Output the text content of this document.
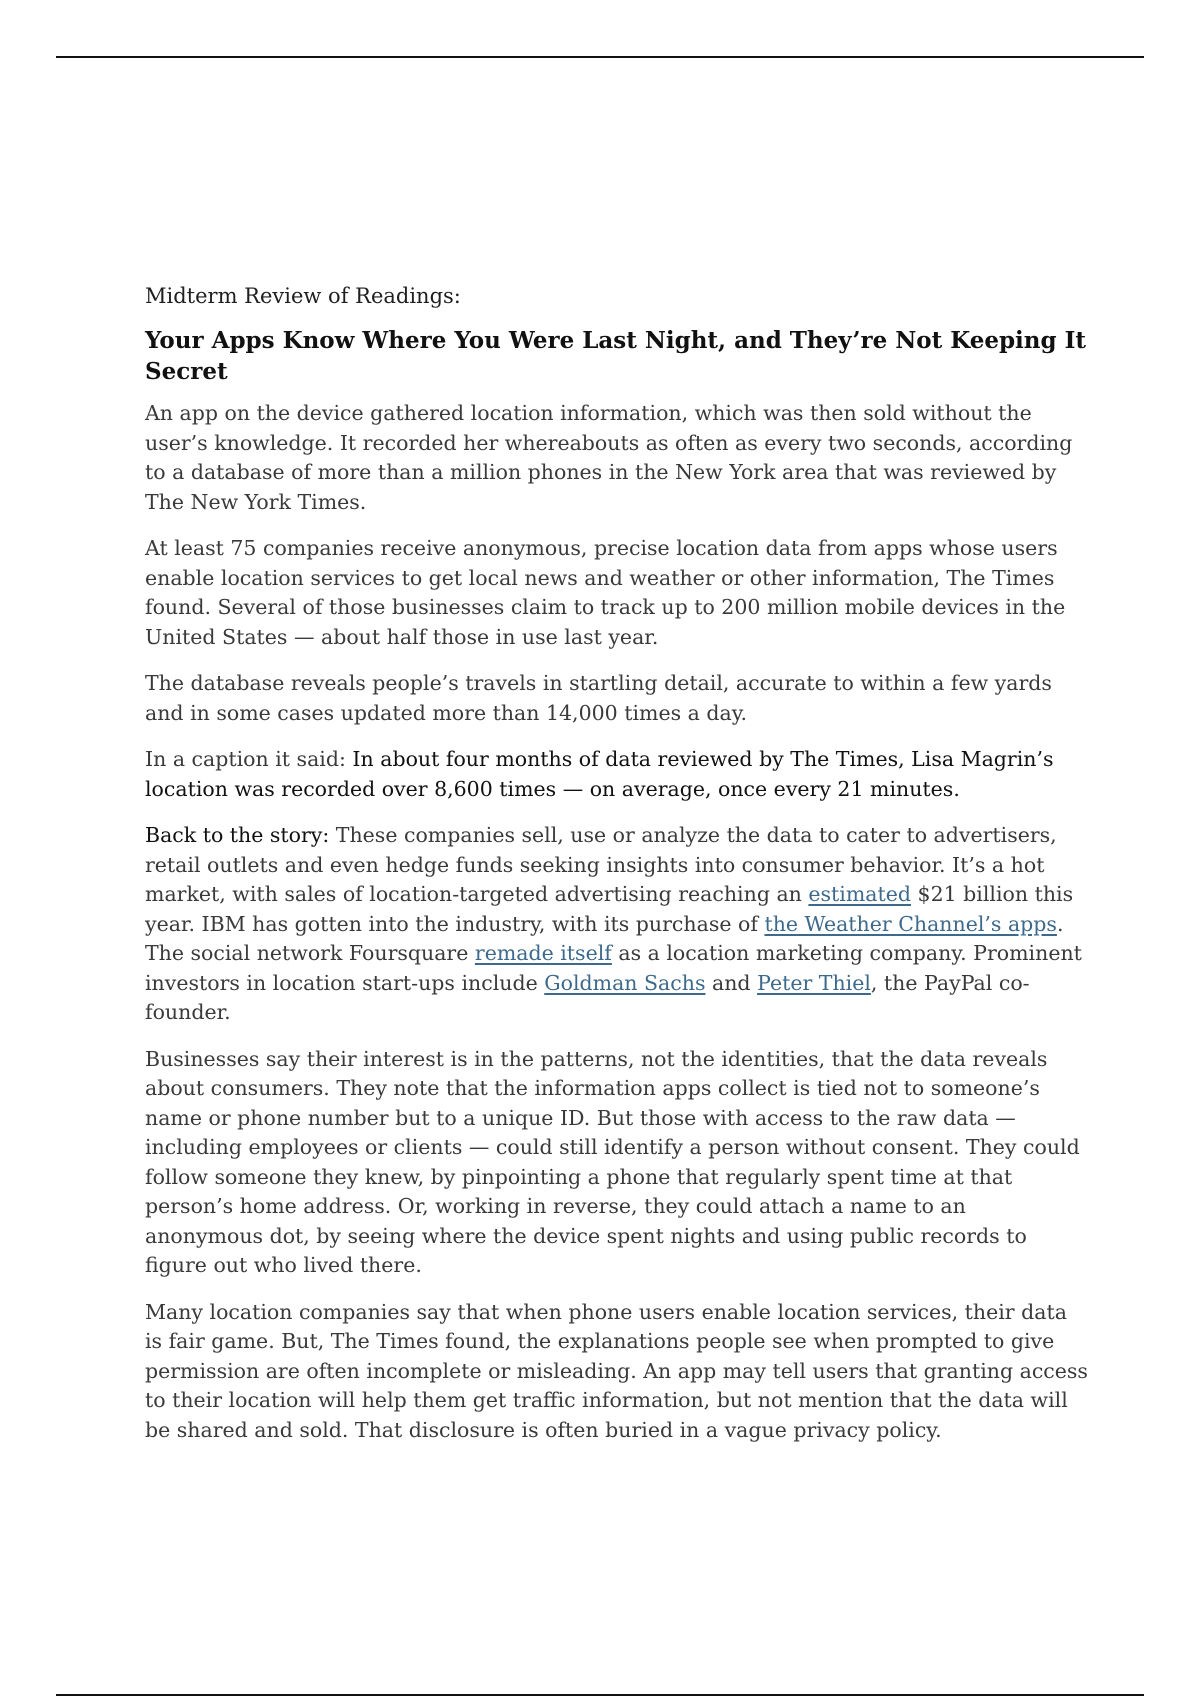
Midterm Review of Readings:
Your Apps Know Where You Were Last Night, and They’re Not Keeping It Secret

An app on the device gathered location information, which was then sold without the user’s knowledge. It recorded her whereabouts as often as every two seconds, according to a database of more than a million phones in the New York area that was reviewed by The New York Times.

At least 75 companies receive anonymous, precise location data from apps whose users enable location services to get local news and weather or other information, The Times found. Several of those businesses claim to track up to 200 million mobile devices in the United States — about half those in use last year.

The database reveals people’s travels in startling detail, accurate to within a few yards and in some cases updated more than 14,000 times a day.

In a caption it said: In about four months of data reviewed by The Times, Lisa Magrin’s location was recorded over 8,600 times — on average, once every 21 minutes.

Back to the story: These companies sell, use or analyze the data to cater to advertisers, retail outlets and even hedge funds seeking insights into consumer behavior. It’s a hot market, with sales of location-targeted advertising reaching an estimated $21 billion this year. IBM has gotten into the industry, with its purchase of the Weather Channel’s apps. The social network Foursquare remade itself as a location marketing company. Prominent investors in location start-ups include Goldman Sachs and Peter Thiel, the PayPal co-founder.

Businesses say their interest is in the patterns, not the identities, that the data reveals about consumers. They note that the information apps collect is tied not to someone’s name or phone number but to a unique ID. But those with access to the raw data — including employees or clients — could still identify a person without consent. They could follow someone they knew, by pinpointing a phone that regularly spent time at that person’s home address. Or, working in reverse, they could attach a name to an anonymous dot, by seeing where the device spent nights and using public records to figure out who lived there.

Many location companies say that when phone users enable location services, their data is fair game. But, The Times found, the explanations people see when prompted to give permission are often incomplete or misleading. An app may tell users that granting access to their location will help them get traffic information, but not mention that the data will be shared and sold. That disclosure is often buried in a vague privacy policy.
